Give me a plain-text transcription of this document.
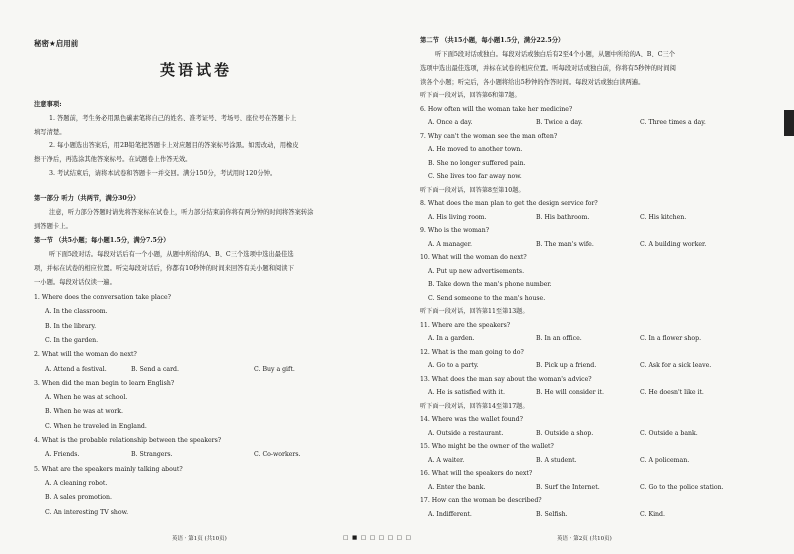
秘密★启用前
英语试卷
注意事项:
1. 答题前，考生务必用黑色碳素笔将自己的姓名、准考证号、考场号、座位号在答题卡上
填写清楚。
2. 每小题选出答案后，用2B铅笔把答题卡上对应题目的答案标号涂黑。如需改动，用橡皮
擦干净后，再选涂其他答案标号。在试题卷上作答无效。
3. 考试结束后，请将本试卷和答题卡一并交回。满分150分，考试用时120分钟。
第一部分 听力（共两节，满分30分）
注意，听力部分答题时请先将答案标在试卷上，听力部分结束前你将有两分钟的时间将答案转涂
到答题卡上。
第一节 （共5小题；每小题1.5分，满分7.5分）
听下面5段对话。每段对话后有一个小题，从题中所给的A、B、C三个选项中选出最佳选
项，并标在试卷的相应位置。听完每段对话后，你都有10秒钟的时间来回答有关小题和阅读下
一小题。每段对话仅读一遍。
1. Where does the conversation take place?
A. In the classroom.
B. In the library.
C. In the garden.
2. What will the woman do next?
A. Attend a festival.	B. Send a card.	C. Buy a gift.
3. When did the man begin to learn English?
A. When he was at school.
B. When he was at work.
C. When he traveled in England.
4. What is the probable relationship between the speakers?
A. Friends.	B. Strangers.	C. Co-workers.
5. What are the speakers mainly talking about?
A. A cleaning robot.
B. A sales promotion.
C. An interesting TV show.
英语 · 第1页 (共10页)	□ ■ □ □ □ □ □ □
第二节 （共15小题，每小题1.5分，满分22.5分）
听下面5段对话或独白。每段对话或独白后有2至4个小题，从题中所给的A、B、C三个
选项中选出最佳选项，并标在试卷的相应位置。听每段对话或独白前，你将有5秒钟的时间阅
读各个小题；听完后，各小题将给出5秒钟的作答时间。每段对话或独白读两遍。
听下面一段对话，回答第6和第7题。
6. How often will the woman take her medicine?
A. Once a day.	B. Twice a day.	C. Three times a day.
7. Why can't the woman see the man often?
A. He moved to another town.
B. She no longer suffered pain.
C. She lives too far away now.
听下面一段对话，回答第8至第10题。
8. What does the man plan to get the design service for?
A. His living room.	B. His bathroom.	C. His kitchen.
9. Who is the woman?
A. A manager.	B. The man's wife.	C. A building worker.
10. What will the woman do next?
A. Put up new advertisements.
B. Take down the man's phone number.
C. Send someone to the man's house.
听下面一段对话，回答第11至第13题。
11. Where are the speakers?
A. In a garden.	B. In an office.	C. In a flower shop.
12. What is the man going to do?
A. Go to a party.	B. Pick up a friend.	C. Ask for a sick leave.
13. What does the man say about the woman's advice?
A. He is satisfied with it.	B. He will consider it.	C. He doesn't like it.
听下面一段对话，回答第14至第17题。
14. Where was the wallet found?
A. Outside a restaurant.	B. Outside a shop.	C. Outside a bank.
15. Who might be the owner of the wallet?
A. A waiter.	B. A student.	C. A policeman.
16. What will the speakers do next?
A. Enter the bank.	B. Surf the Internet.	C. Go to the police station.
17. How can the woman be described?
A. Indifferent.	B. Selfish.	C. Kind.
英语 · 第2页 (共10页)
